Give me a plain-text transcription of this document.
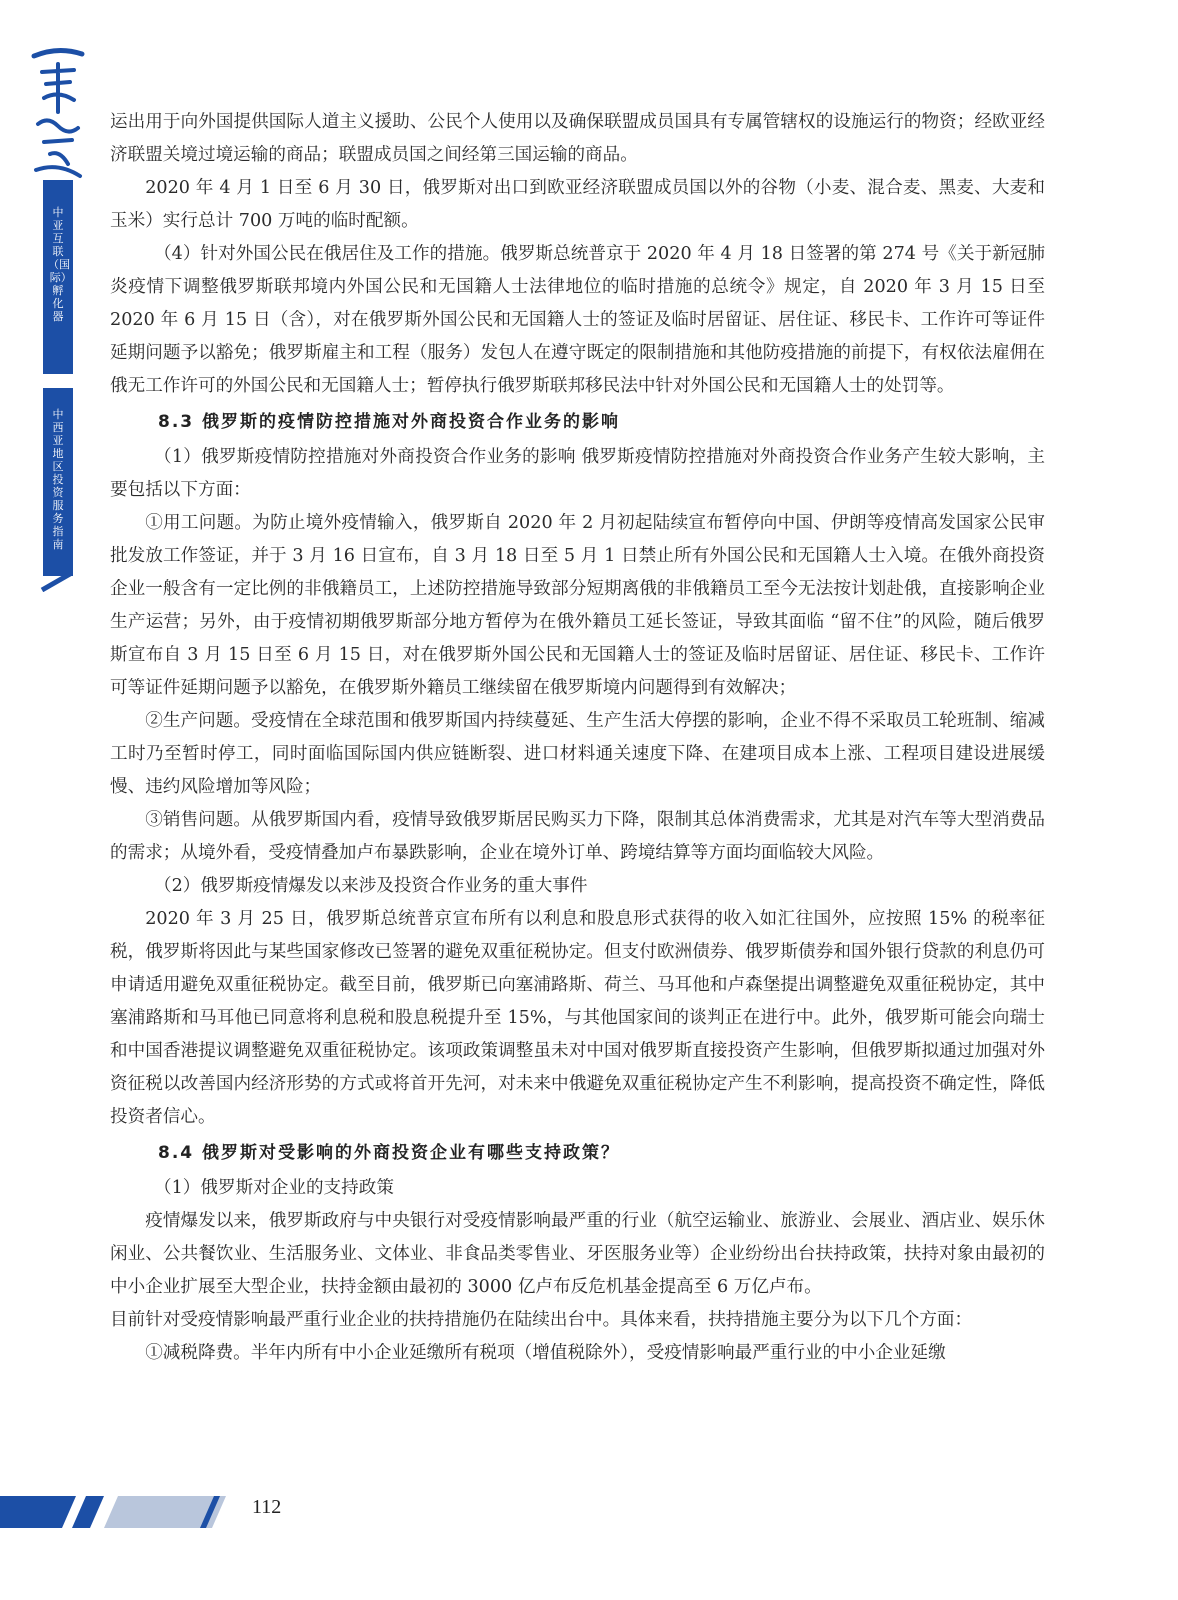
中亚互联（国际）孵化器
中西亚地区投资服务指南

运出用于向外国提供国际人道主义援助、公民个人使用以及确保联盟成员国具有专属管辖权的设施运行的物资；经欧亚经济联盟关境过境运输的商品；联盟成员国之间经第三国运输的商品。

2020 年 4 月 1 日至 6 月 30 日，俄罗斯对出口到欧亚经济联盟成员国以外的谷物（小麦、混合麦、黑麦、大麦和玉米）实行总计 700 万吨的临时配额。

（4）针对外国公民在俄居住及工作的措施。俄罗斯总统普京于 2020 年 4 月 18 日签署的第 274 号《关于新冠肺炎疫情下调整俄罗斯联邦境内外国公民和无国籍人士法律地位的临时措施的总统令》规定，自 2020 年 3 月 15 日至 2020 年 6 月 15 日（含），对在俄罗斯外国公民和无国籍人士的签证及临时居留证、居住证、移民卡、工作许可等证件延期问题予以豁免；俄罗斯雇主和工程（服务）发包人在遵守既定的限制措施和其他防疫措施的前提下，有权依法雇佣在俄无工作许可的外国公民和无国籍人士；暂停执行俄罗斯联邦移民法中针对外国公民和无国籍人士的处罚等。

8.3 俄罗斯的疫情防控措施对外商投资合作业务的影响

（1）俄罗斯疫情防控措施对外商投资合作业务的影响 俄罗斯疫情防控措施对外商投资合作业务产生较大影响，主要包括以下方面：

①用工问题。为防止境外疫情输入，俄罗斯自 2020 年 2 月初起陆续宣布暂停向中国、伊朗等疫情高发国家公民审批发放工作签证，并于 3 月 16 日宣布，自 3 月 18 日至 5 月 1 日禁止所有外国公民和无国籍人士入境。在俄外商投资企业一般含有一定比例的非俄籍员工，上述防控措施导致部分短期离俄的非俄籍员工至今无法按计划赴俄，直接影响企业生产运营；另外，由于疫情初期俄罗斯部分地方暂停为在俄外籍员工延长签证，导致其面临 “留不住”的风险，随后俄罗斯宣布自 3 月 15 日至 6 月 15 日，对在俄罗斯外国公民和无国籍人士的签证及临时居留证、居住证、移民卡、工作许可等证件延期问题予以豁免，在俄罗斯外籍员工继续留在俄罗斯境内问题得到有效解决；

②生产问题。受疫情在全球范围和俄罗斯国内持续蔓延、生产生活大停摆的影响，企业不得不采取员工轮班制、缩减工时乃至暂时停工，同时面临国际国内供应链断裂、进口材料通关速度下降、在建项目成本上涨、工程项目建设进展缓慢、违约风险增加等风险；

③销售问题。从俄罗斯国内看，疫情导致俄罗斯居民购买力下降，限制其总体消费需求，尤其是对汽车等大型消费品的需求；从境外看，受疫情叠加卢布暴跌影响，企业在境外订单、跨境结算等方面均面临较大风险。

（2）俄罗斯疫情爆发以来涉及投资合作业务的重大事件

2020 年 3 月 25 日，俄罗斯总统普京宣布所有以利息和股息形式获得的收入如汇往国外，应按照 15% 的税率征税，俄罗斯将因此与某些国家修改已签署的避免双重征税协定。但支付欧洲债券、俄罗斯债券和国外银行贷款的利息仍可申请适用避免双重征税协定。截至目前，俄罗斯已向塞浦路斯、荷兰、马耳他和卢森堡提出调整避免双重征税协定，其中塞浦路斯和马耳他已同意将利息税和股息税提升至 15%，与其他国家间的谈判正在进行中。此外，俄罗斯可能会向瑞士和中国香港提议调整避免双重征税协定。该项政策调整虽未对中国对俄罗斯直接投资产生影响，但俄罗斯拟通过加强对外资征税以改善国内经济形势的方式或将首开先河，对未来中俄避免双重征税协定产生不利影响，提高投资不确定性，降低投资者信心。

8.4 俄罗斯对受影响的外商投资企业有哪些支持政策？

（1）俄罗斯对企业的支持政策

疫情爆发以来，俄罗斯政府与中央银行对受疫情影响最严重的行业（航空运输业、旅游业、会展业、酒店业、娱乐休闲业、公共餐饮业、生活服务业、文体业、非食品类零售业、牙医服务业等）企业纷纷出台扶持政策，扶持对象由最初的中小企业扩展至大型企业，扶持金额由最初的 3000 亿卢布反危机基金提高至 6 万亿卢布。

目前针对受疫情影响最严重行业企业的扶持措施仍在陆续出台中。具体来看，扶持措施主要分为以下几个方面：

①减税降费。半年内所有中小企业延缴所有税项（增值税除外），受疫情影响最严重行业的中小企业延缴

112
